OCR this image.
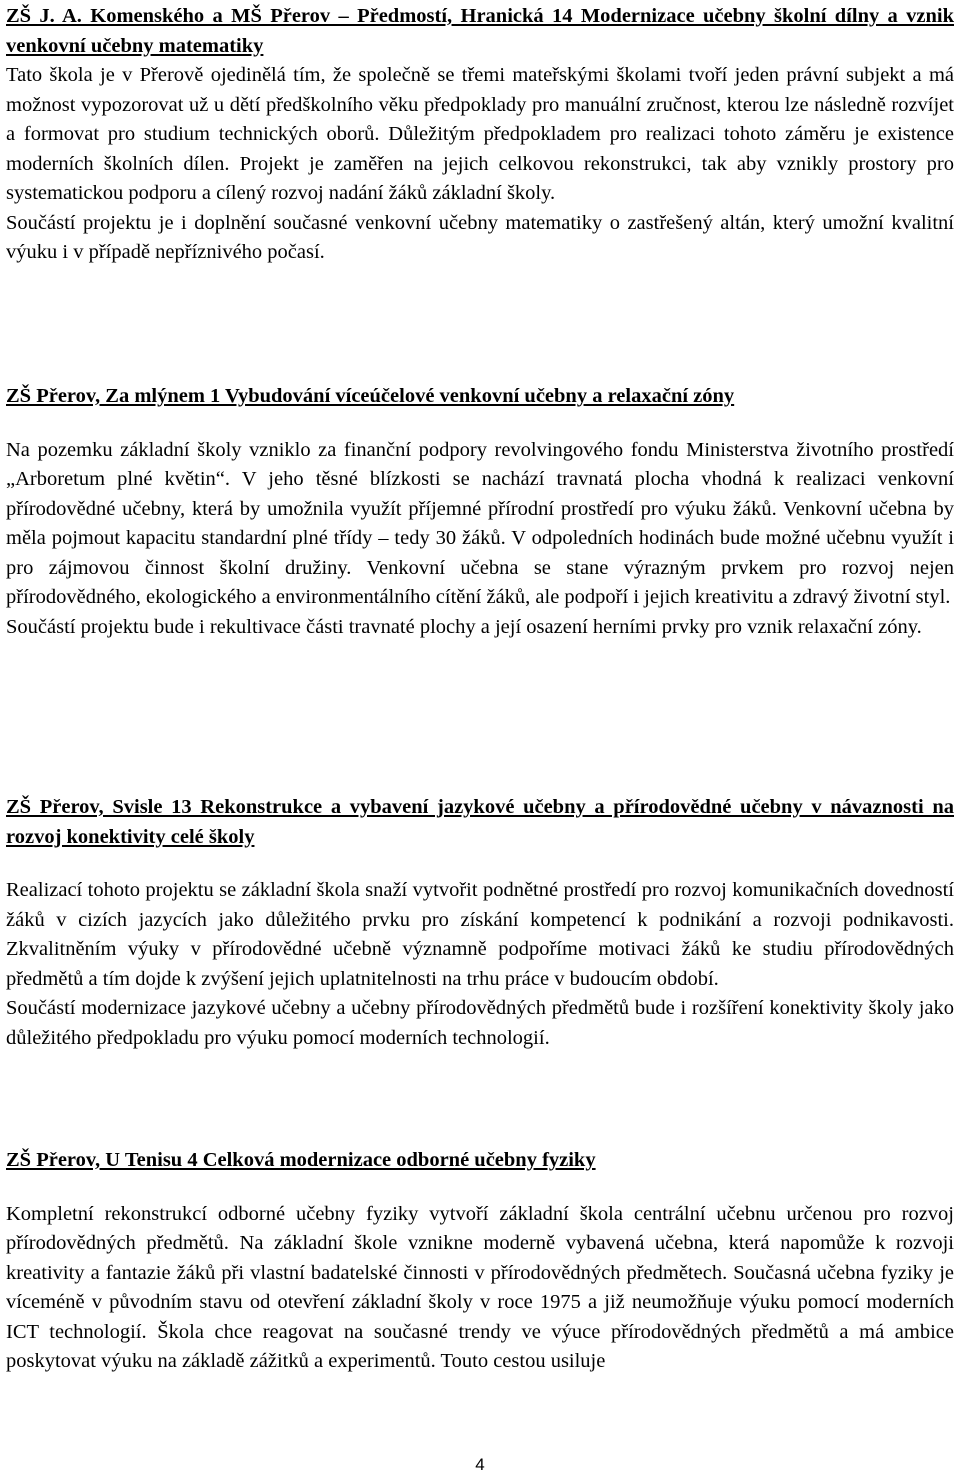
ZŠ J. A. Komenského a MŠ Přerov – Předmostí, Hranická 14 Modernizace učebny školní dílny a vznik venkovní učebny matematiky

Tato škola je v Přerově ojedinělá tím, že společně se třemi mateřskými školami tvoří jeden právní subjekt a má možnost vypozorovat už u dětí předškolního věku předpoklady pro manuální zručnost, kterou lze následně rozvíjet a formovat pro studium technických oborů. Důležitým předpokladem pro realizaci tohoto záměru je existence moderních školních dílen. Projekt je zaměřen na jejich celkovou rekonstrukci, tak aby vznikly prostory pro systematickou podporu a cílený rozvoj nadání žáků základní školy.

Součástí projektu je i doplnění současné venkovní učebny matematiky o zastřešený altán, který umožní kvalitní výuku i v případě nepříznivého počasí.

ZŠ Přerov, Za mlýnem 1 Vybudování víceúčelové venkovní učebny a relaxační zóny

Na pozemku základní školy vzniklo za finanční podpory revolvingového fondu Ministerstva životního prostředí „Arboretum plné květin“. V jeho těsné blízkosti se nachází travnatá plocha vhodná k realizaci venkovní přírodovědné učebny, která by umožnila využít příjemné přírodní prostředí pro výuku žáků. Venkovní učebna by měla pojmout kapacitu standardní plné třídy – tedy 30 žáků. V odpoledních hodinách bude možné učebnu využít i pro zájmovou činnost školní družiny. Venkovní učebna se stane výrazným prvkem pro rozvoj nejen přírodovědného, ekologického a environmentálního cítění žáků, ale podpoří i jejich kreativitu a zdravý životní styl.

Součástí projektu bude i rekultivace části travnaté plochy a její osazení herními prvky pro vznik relaxační zóny.

ZŠ Přerov, Svisle 13 Rekonstrukce a vybavení jazykové učebny a přírodovědné učebny v návaznosti na rozvoj konektivity celé školy

Realizací tohoto projektu se základní škola snaží vytvořit podnětné prostředí pro rozvoj komunikačních dovedností žáků v cizích jazycích jako důležitého prvku pro získání kompetencí k podnikání a rozvoji podnikavosti. Zkvalitněním výuky v přírodovědné učebně významně podpoříme motivaci žáků ke studiu přírodovědných předmětů a tím dojde k zvýšení jejich uplatnitelnosti na trhu práce v budoucím období.

Součástí modernizace jazykové učebny a učebny přírodovědných předmětů bude i rozšíření konektivity školy jako důležitého předpokladu pro výuku pomocí moderních technologií.

ZŠ Přerov, U Tenisu 4 Celková modernizace odborné učebny fyziky

Kompletní rekonstrukcí odborné učebny fyziky vytvoří základní škola centrální učebnu určenou pro rozvoj přírodovědných předmětů. Na základní škole vznikne moderně vybavená učebna, která napomůže k rozvoji kreativity a fantazie žáků při vlastní badatelské činnosti v přírodovědných předmětech. Současná učebna fyziky je víceméně v původním stavu od otevření základní školy v roce 1975 a již neumožňuje výuku pomocí moderních ICT technologií. Škola chce reagovat na současné trendy ve výuce přírodovědných předmětů a má ambice poskytovat výuku na základě zážitků a experimentů. Touto cestou usiluje

4
